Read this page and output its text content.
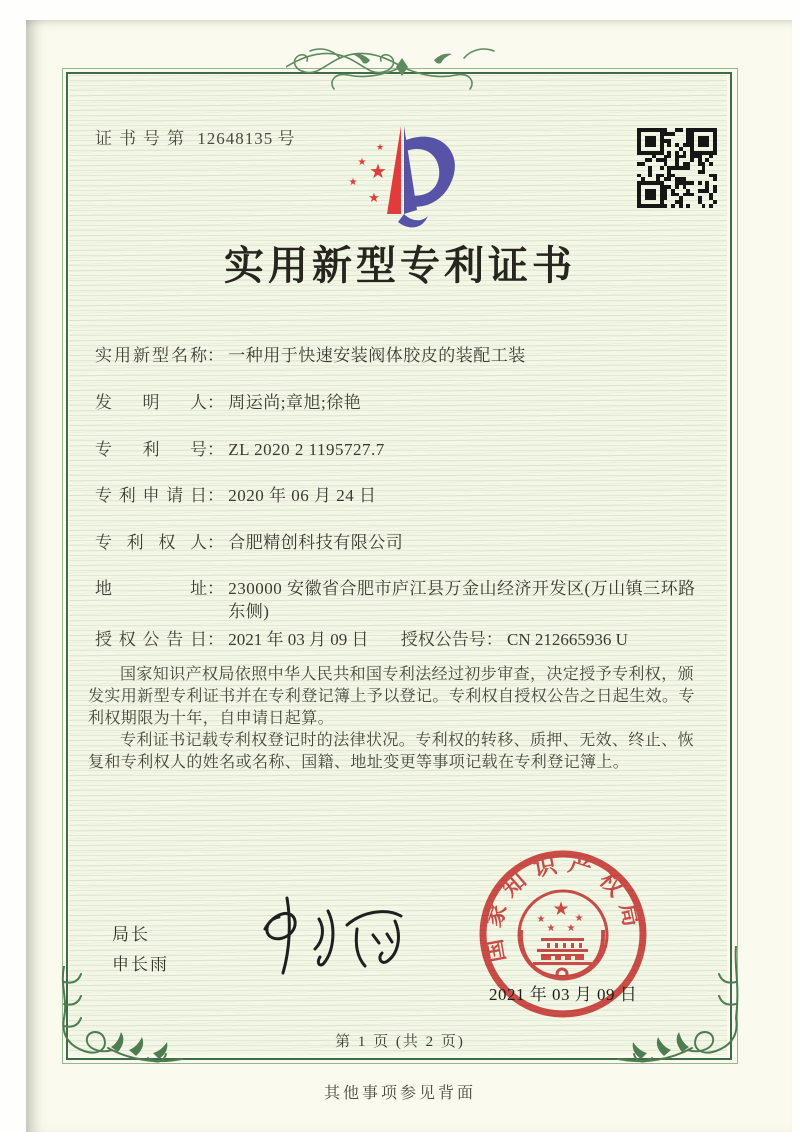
证书号第 12648135 号	★
★ ★
★
★
实用新型专利证书
实用新型名称： 一种用于快速安装阀体胶皮的装配工装
发明人： 周运尚;章旭;徐艳
专利号： ZL 2020 2 1195727.7
专利申请日： 2020 年 06 月 24 日
专利权人： 合肥精创科技有限公司
地址： 230000 安徽省合肥市庐江县万金山经济开发区(万山镇三环路东侧)
授权公告日： 2021 年 03 月 09 日 授权公告号： CN 212665936 U

国家知识产权局依照中华人民共和国专利法经过初步审查，决定授予专利权，颁发实用新型专利证书并在专利登记簿上予以登记。专利权自授权公告之日起生效。专利权期限为十年，自申请日起算。

专利证书记载专利权登记时的法律状况。专利权的转移、质押、无效、终止、恢复和专利权人的姓名或名称、国籍、地址变更等事项记载在专利登记簿上。

局长
申长雨
国家知识产权局
★
★	★
★ ★
2021 年 03 月 09 日
第 1 页 (共 2 页)
其他事项参见背面
